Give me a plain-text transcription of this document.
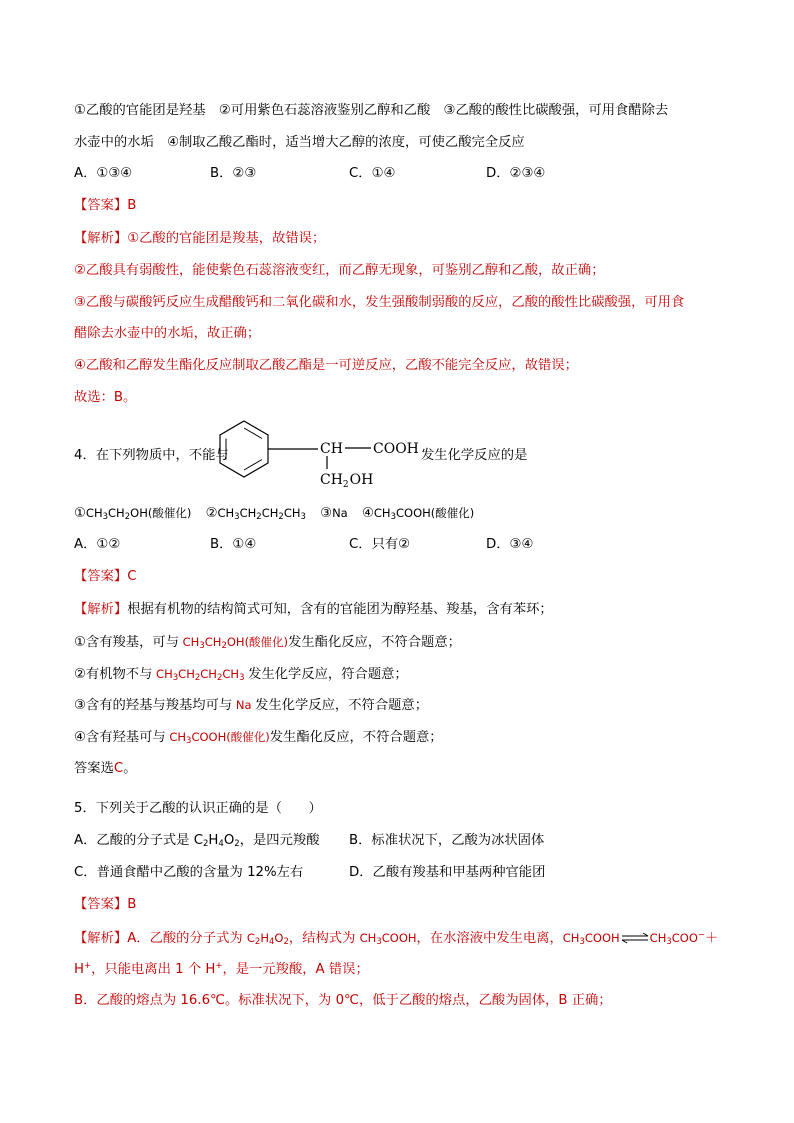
①乙酸的官能团是羟基　②可用紫色石蕊溶液鉴别乙醇和乙酸　③乙酸的酸性比碳酸强，可用食醋除去
水壶中的水垢　④制取乙酸乙酯时，适当增大乙醇的浓度，可使乙酸完全反应
A．①③④	B．②③	C．①④	D．②③④
【答案】B
【解析】①乙酸的官能团是羧基，故错误；
②乙酸具有弱酸性，能使紫色石蕊溶液变红，而乙醇无现象，可鉴别乙醇和乙酸，故正确；
③乙酸与碳酸钙反应生成醋酸钙和二氧化碳和水，发生强酸制弱酸的反应，乙酸的酸性比碳酸强，可用食
醋除去水壶中的水垢，故正确；
④乙酸和乙醇发生酯化反应制取乙酸乙酯是一可逆反应，乙酸不能完全反应，故错误；
故选：B。
4．在下列物质中，不能与	CH COOH
$CH_2OH$
发生化学反应的是
$①CH_3CH_2OH$(酸催化) $②CH_3CH_2CH_2CH_3$ ③Na $④CH_3COOH$(酸催化)
A．①②	B．①④	C．只有②	D．③④
【答案】C
【解析】根据有机物的结构简式可知，含有的官能团为醇羟基、羧基，含有苯环；
①含有羧基，可与 $CH_3CH_2OH$(酸催化)发生酯化反应，不符合题意；
②有机物不与 $CH_3CH_2CH_2CH_3$ 发生化学反应，符合题意；
③含有的羟基与羧基均可与 Na 发生化学反应，不符合题意；
④含有羟基可与 $CH_3COOH$(酸催化)发生酯化反应，不符合题意；
答案选C。
5．下列关于乙酸的认识正确的是（　　）
A．乙酸的分子式是 $C_2H_4O_2$，是四元羧酸 B．标准状况下，乙酸为冰状固体
C．普通食醋中乙酸的含量为 12%左右	D．乙酸有羧基和甲基两种官能团
【答案】B
【解析】A．乙酸的分子式为 $C_2H_4O_2$，结构式为 $CH_3COOH$，在水溶液中发生电离，$CH_3COOH\rightleftharpoons CH_3COO^-+$
H+，只能电离出 1 个 H+，是一元羧酸，A 错误；
B．乙酸的熔点为 16.6℃。标准状况下，为 0℃，低于乙酸的熔点，乙酸为固体，B 正确；
